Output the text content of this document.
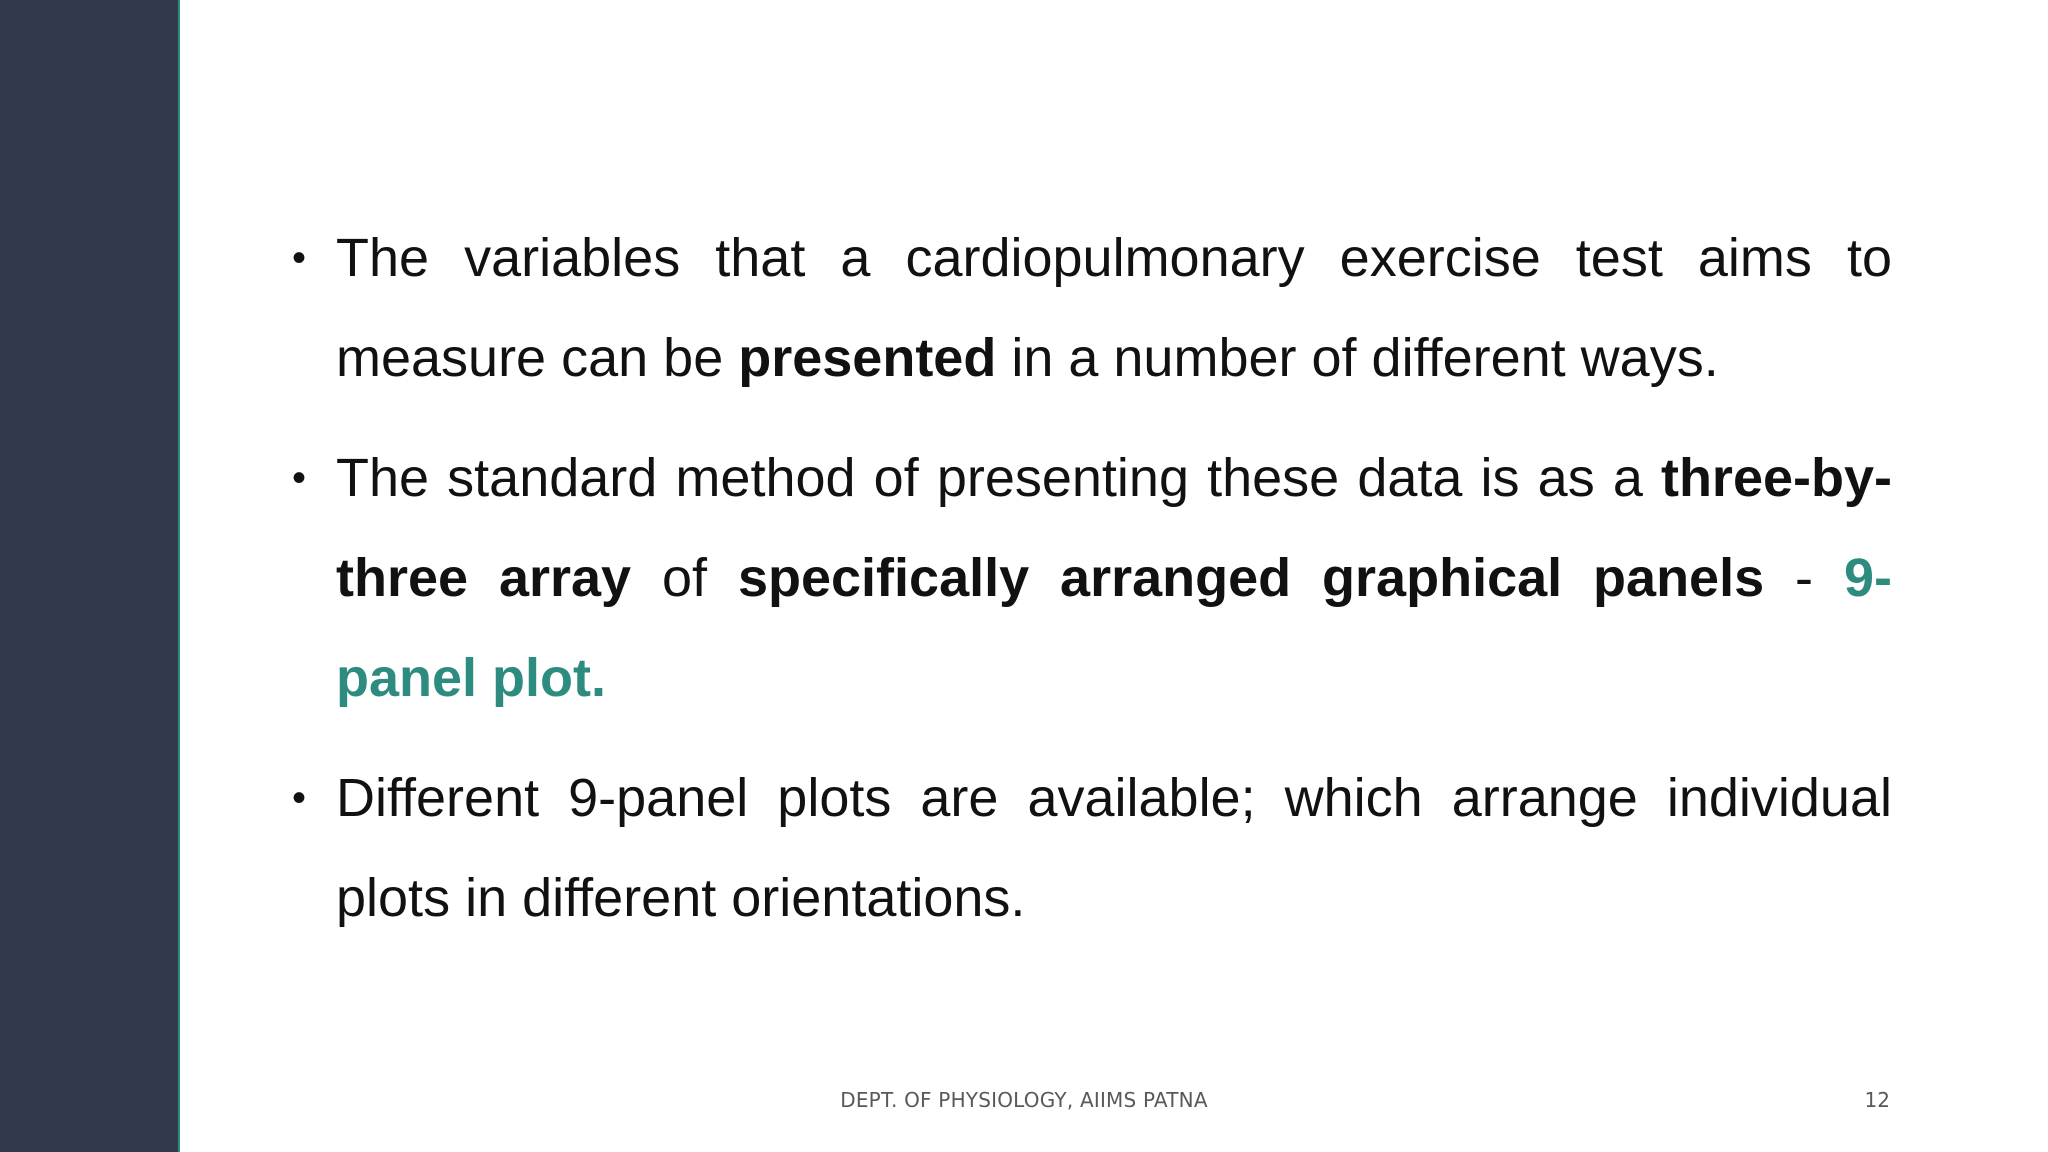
• The variables that a cardiopulmonary exercise test aims to measure can be presented in a number of different ways.

• The standard method of presenting these data is as a three-by-three array of specifically arranged graphical panels - 9-panel plot.

• Different 9-panel plots are available; which arrange individual plots in different orientations.

DEPT. OF PHYSIOLOGY, AIIMS PATNA	12
